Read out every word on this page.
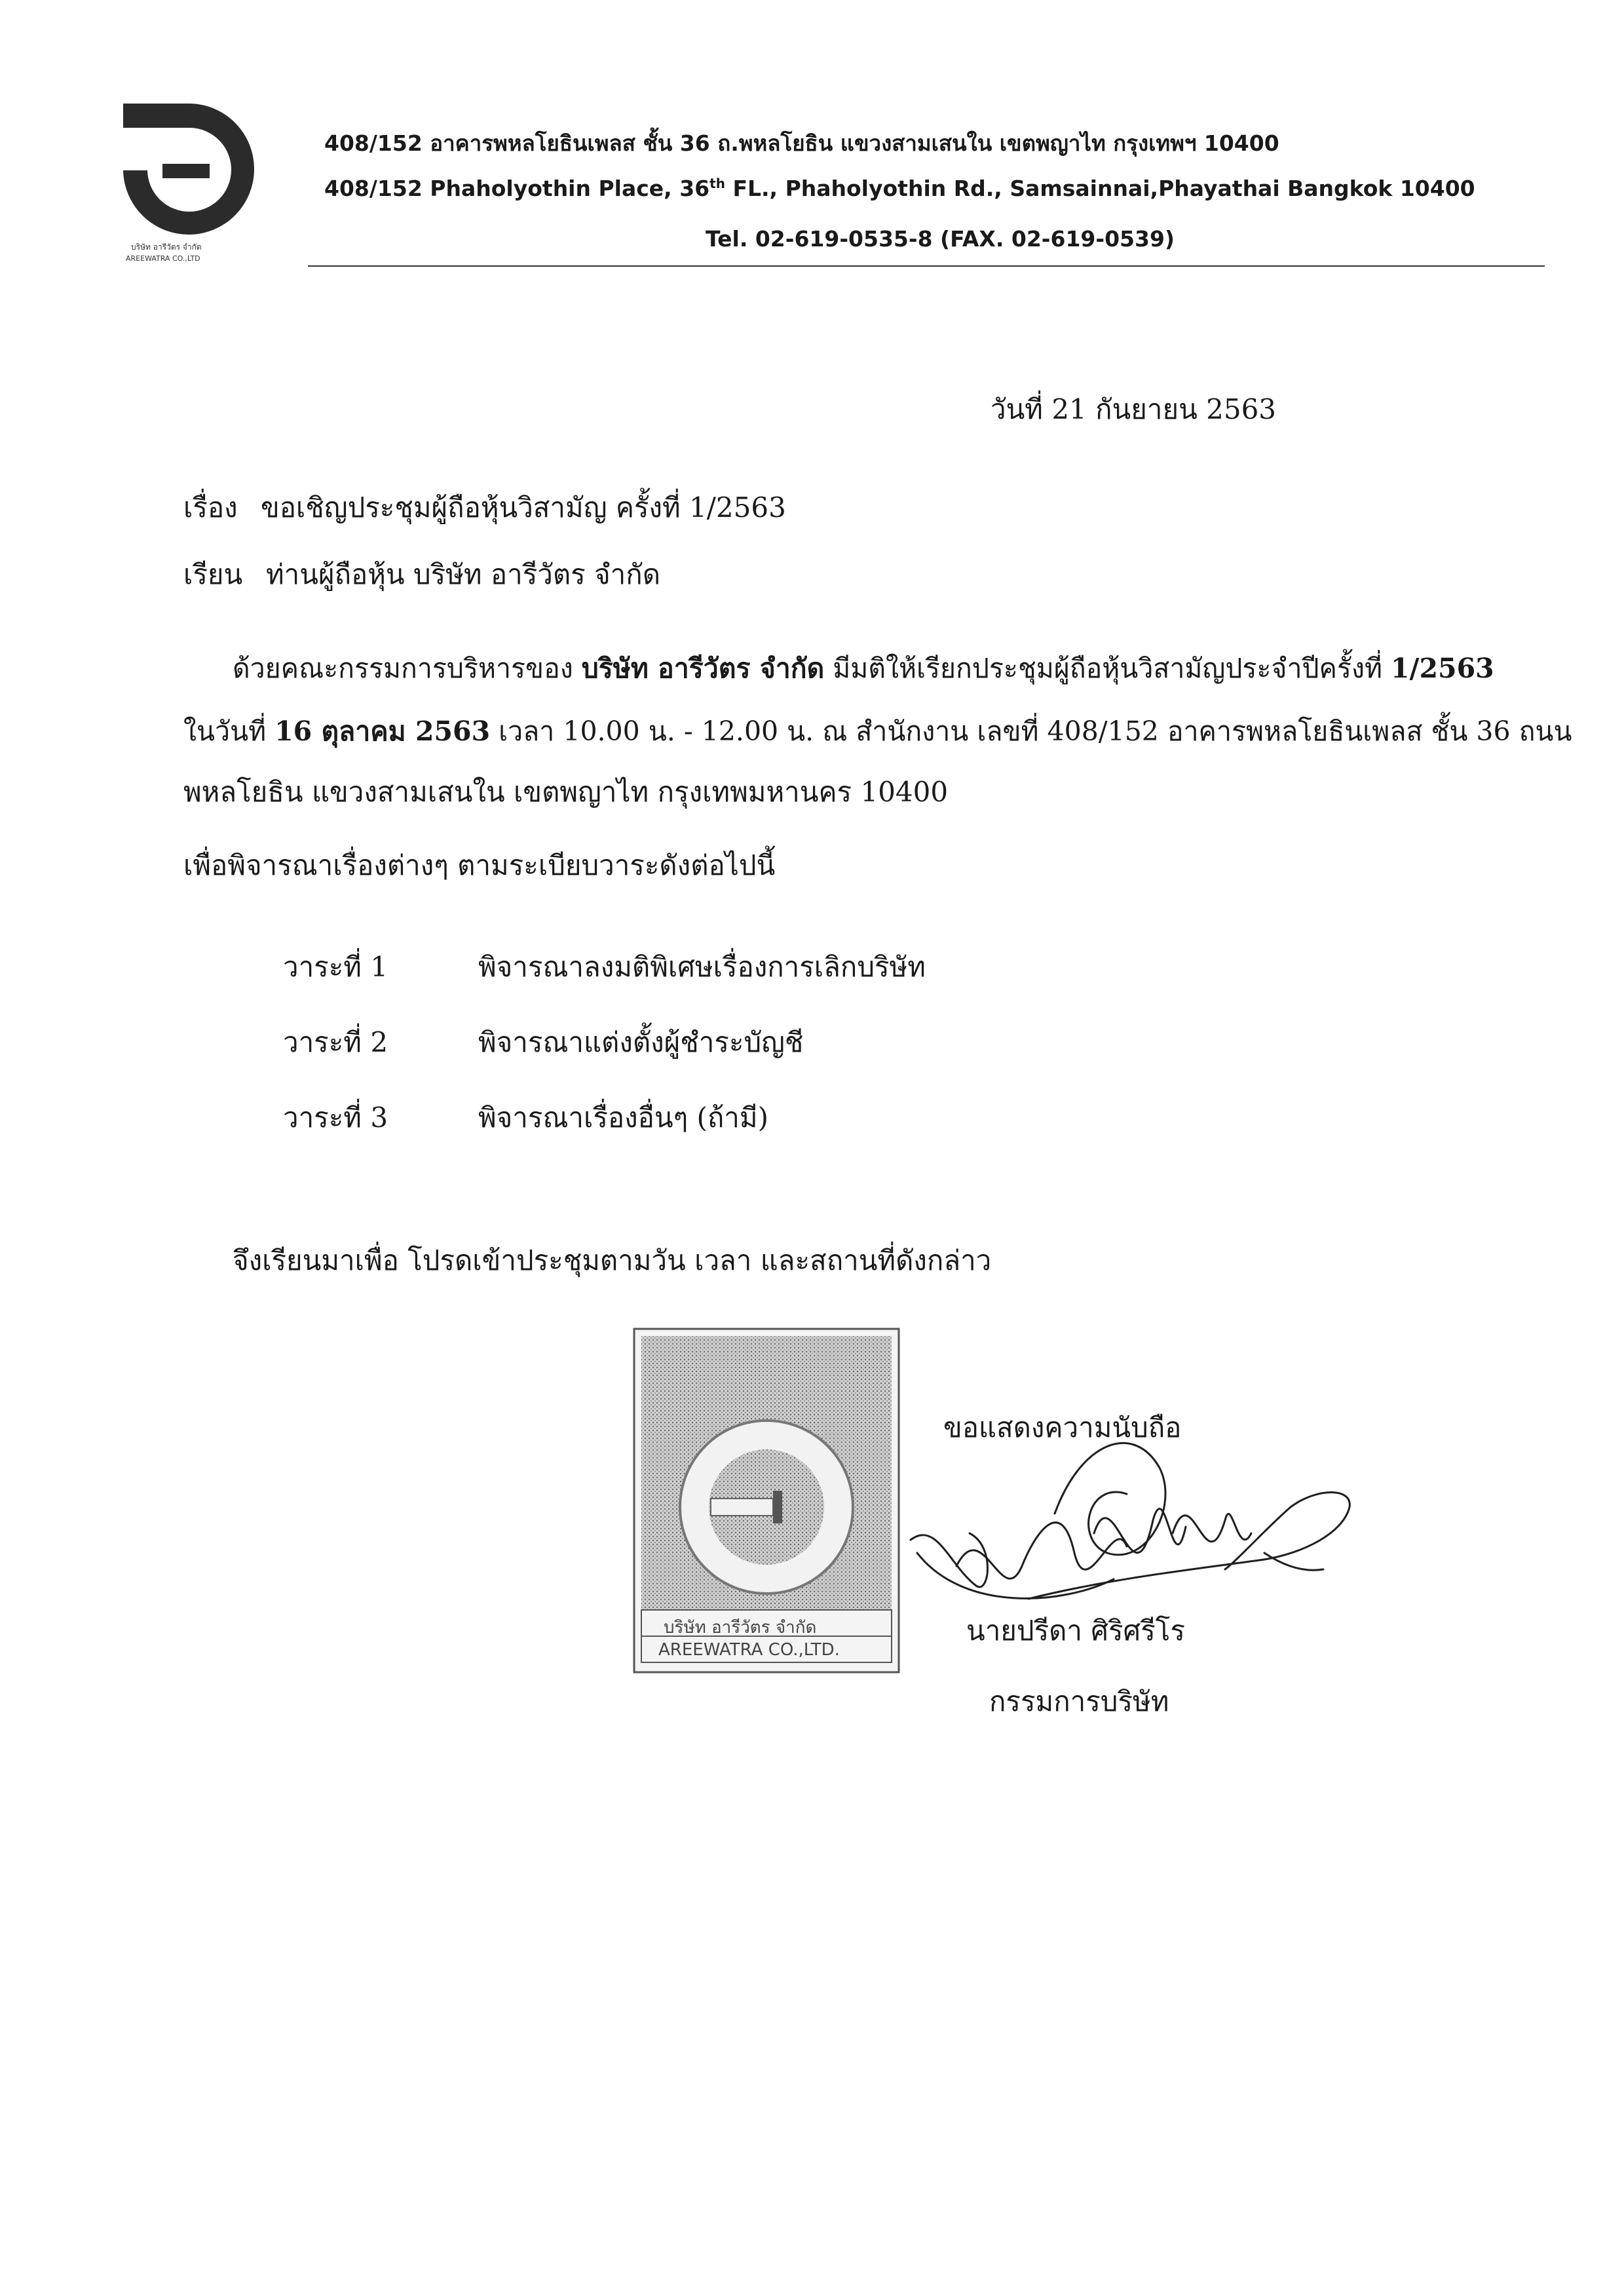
บริษัท อารีวัตร จำกัด
AREEWATRA CO.,LTD
408/152 อาคารพหลโยธินเพลส ชั้น 36 ถ.พหลโยธิน แขวงสามเสนใน เขตพญาไท กรุงเทพฯ 10400
408/152 Phaholyothin Place, 36th FL., Phaholyothin Rd., Samsainnai,Phayathai Bangkok 10400
Tel. 02-619-0535-8 (FAX. 02-619-0539)
วันที่ 21 กันยายน 2563
เรื่อง ขอเชิญประชุมผู้ถือหุ้นวิสามัญ ครั้งที่ 1/2563
เรียน ท่านผู้ถือหุ้น บริษัท อารีวัตร จำกัด
ด้วยคณะกรรมการบริหารของ บริษัท อารีวัตร จำกัด มีมติให้เรียกประชุมผู้ถือหุ้นวิสามัญประจำปีครั้งที่ 1/2563
ในวันที่ 16 ตุลาคม 2563 เวลา 10.00 น. - 12.00 น. ณ สำนักงาน เลขที่ 408/152 อาคารพหลโยธินเพลส ชั้น 36 ถนน
พหลโยธิน แขวงสามเสนใน เขตพญาไท กรุงเทพมหานคร 10400
เพื่อพิจารณาเรื่องต่างๆ ตามระเบียบวาระดังต่อไปนี้
วาระที่ 1	พิจารณาลงมติพิเศษเรื่องการเลิกบริษัท
วาระที่ 2	พิจารณาแต่งตั้งผู้ชำระบัญชี
วาระที่ 3	พิจารณาเรื่องอื่นๆ (ถ้ามี)
จึงเรียนมาเพื่อ โปรดเข้าประชุมตามวัน เวลา และสถานที่ดังกล่าว
บริษัท อารีวัตร จำกัด
AREEWATRA CO.,LTD.
ขอแสดงความนับถือ
นายปรีดา ศิริศรีโร
กรรมการบริษัท
